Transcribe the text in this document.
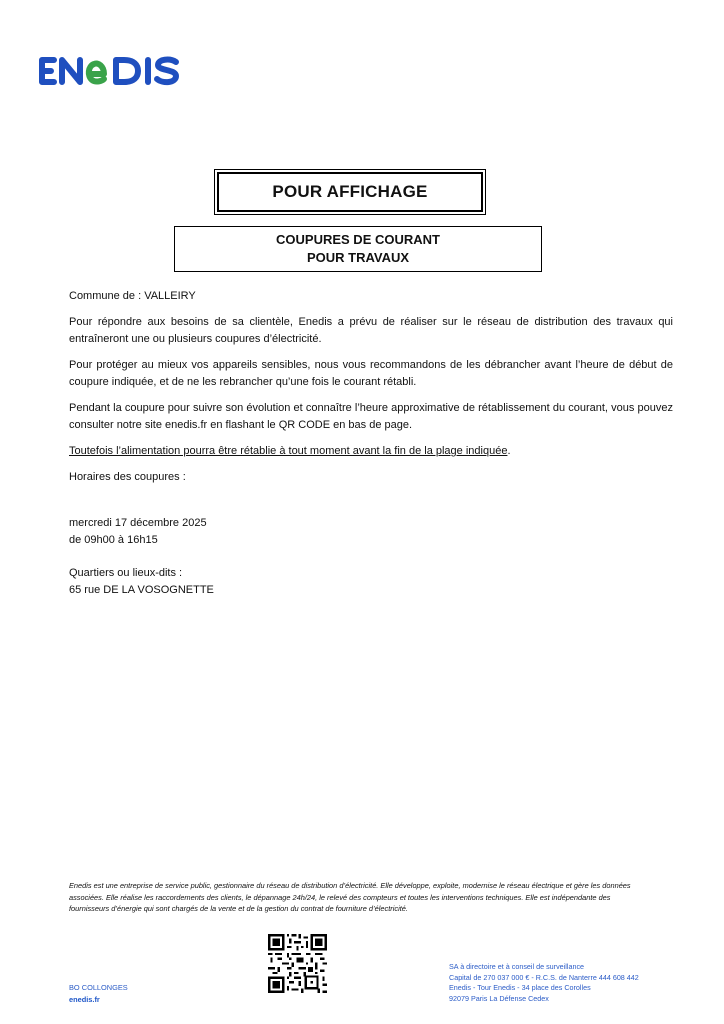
POUR AFFICHAGE
COUPURES DE COURANT
POUR TRAVAUX

Commune de : VALLEIRY

Pour répondre aux besoins de sa clientèle, Enedis a prévu de réaliser sur le réseau de distribution des travaux qui entraîneront une ou plusieurs coupures d’électricité.

Pour protéger au mieux vos appareils sensibles, nous vous recommandons de les débrancher avant l’heure de début de coupure indiquée, et de ne les rebrancher qu’une fois le courant rétabli.

Pendant la coupure pour suivre son évolution et connaître l’heure approximative de rétablissement du courant, vous pouvez consulter notre site enedis.fr en flashant le QR CODE en bas de page.

Toutefois l’alimentation pourra être rétablie à tout moment avant la fin de la plage indiquée.

Horaires des coupures :

mercredi 17 décembre 2025
de 09h00 à 16h15
Quartiers ou lieux-dits :
65 rue DE LA VOSOGNETTE

Enedis est une entreprise de service public, gestionnaire du réseau de distribution d’électricité. Elle développe, exploite, modernise le réseau électrique et gère les données

associées. Elle réalise les raccordements des clients, le dépannage 24h/24, le relevé des compteurs et toutes les interventions techniques. Elle est indépendante des

fournisseurs d’énergie qui sont chargés de la vente et de la gestion du contrat de fourniture d’électricité.

BO COLLONGES
enedis.fr
SA à directoire et à conseil de surveillance
Capital de 270 037 000 € - R.C.S. de Nanterre 444 608 442
Enedis - Tour Enedis - 34 place des Corolles
92079 Paris La Défense Cedex
